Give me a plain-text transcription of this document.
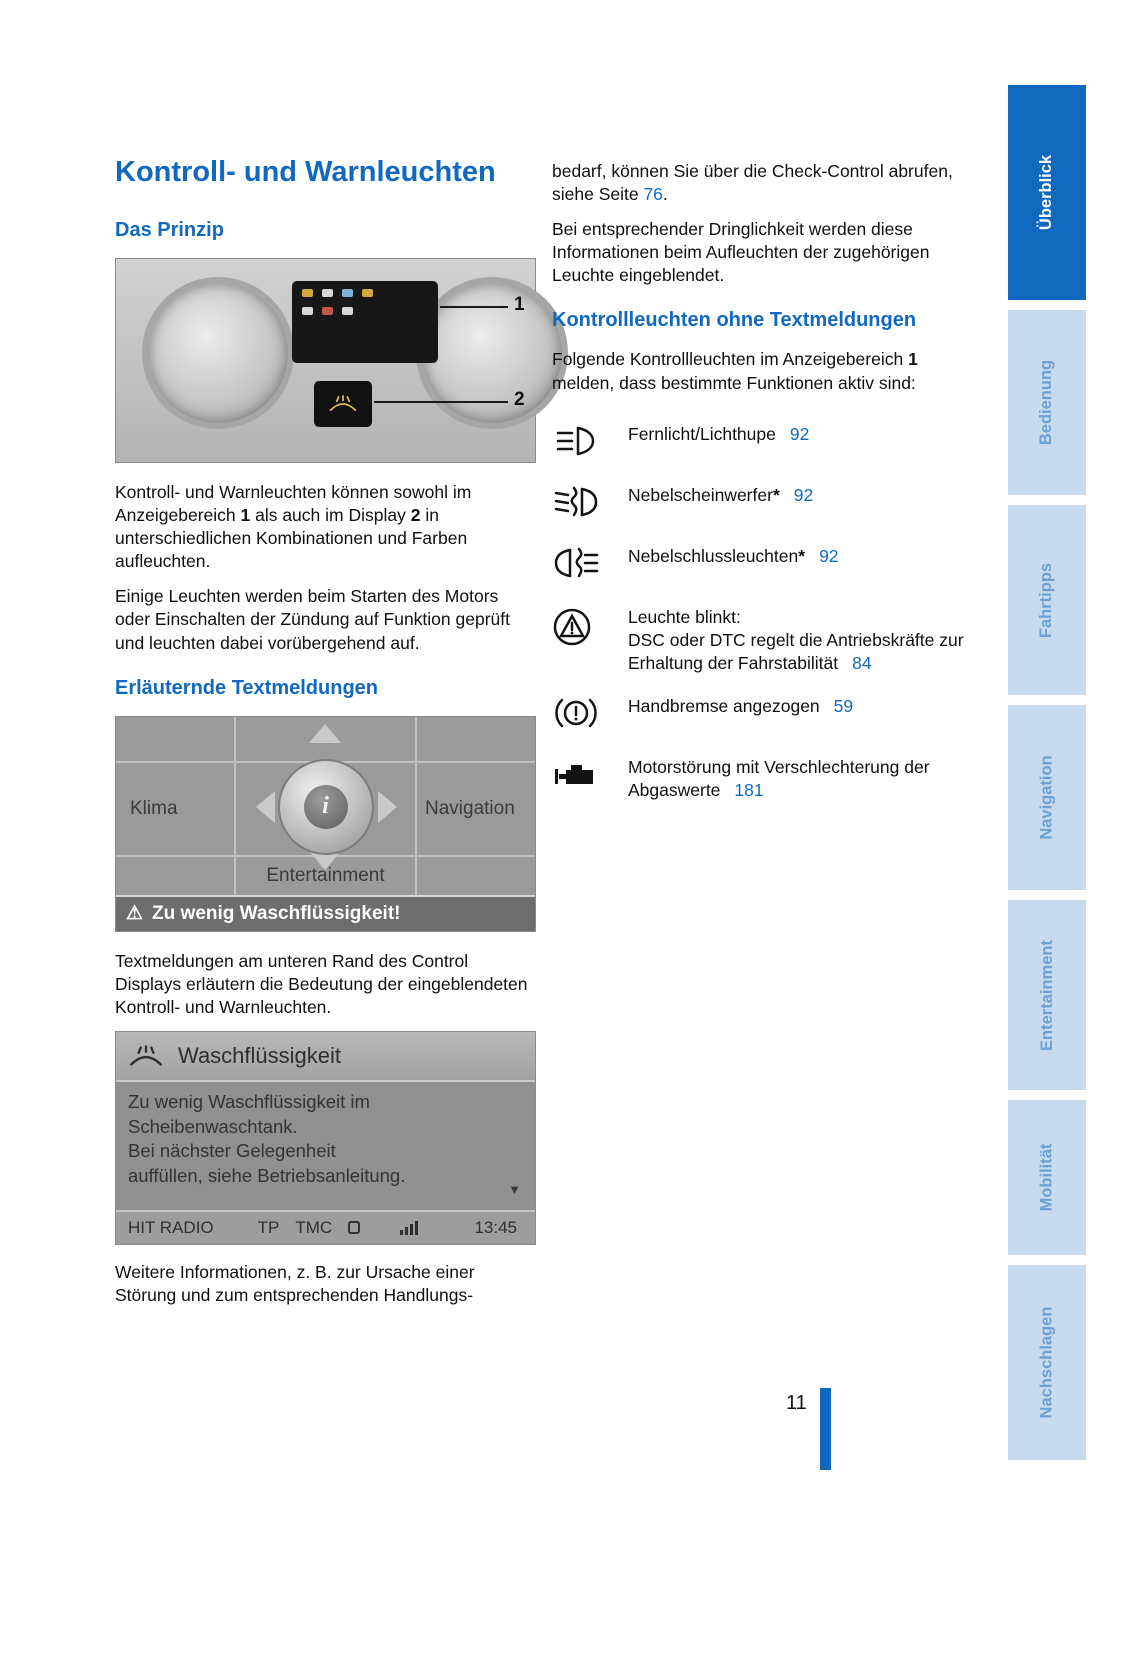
Kontroll- und Warnleuchten
Das Prinzip
1
2

Kontroll- und Warnleuchten können sowohl im Anzeigebereich 1 als auch im Display 2 in unterschiedlichen Kombinationen und Farben aufleuchten.

Einige Leuchten werden beim Starten des Motors oder Einschalten der Zündung auf Funktion geprüft und leuchten dabei vorübergehend auf.

Erläuternde Textmeldungen
Klima	Navigation
Entertainment
i
⚠ Zu wenig Waschflüssigkeit!

Textmeldungen am unteren Rand des Control Displays erläutern die Bedeutung der eingeblendeten Kontroll- und Warnleuchten.

Waschflüssigkeit
Zu wenig Waschflüssigkeit im
Scheibenwaschtank.
Bei nächster Gelegenheit
auffüllen, siehe Betriebsanleitung.
▼
HIT RADIO	TP TMC	13:45

Weitere Informationen, z. B. zur Ursache einer Störung und zum entsprechenden Handlungs-

bedarf, können Sie über die Check-Control abrufen, siehe Seite 76.

Bei entsprechender Dringlichkeit werden diese Informationen beim Aufleuchten der zugehörigen Leuchte eingeblendet.

Kontrollleuchten ohne Textmeldungen

Folgende Kontrollleuchten im Anzeigebereich 1 melden, dass bestimmte Funktionen aktiv sind:

Fernlicht/Lichthupe 92
Nebelscheinwerfer* 92
Nebelschlussleuchten* 92
Leuchte blinkt:
DSC oder DTC regelt die Antriebskräfte zur Erhaltung der Fahrstabilität 84
Handbremse angezogen 59
Motorstörung mit Verschlechterung der Abgaswerte 181
Überblick
Bedienung
Fahrtipps
Navigation
Entertainment
Mobilität
Nachschlagen
11
